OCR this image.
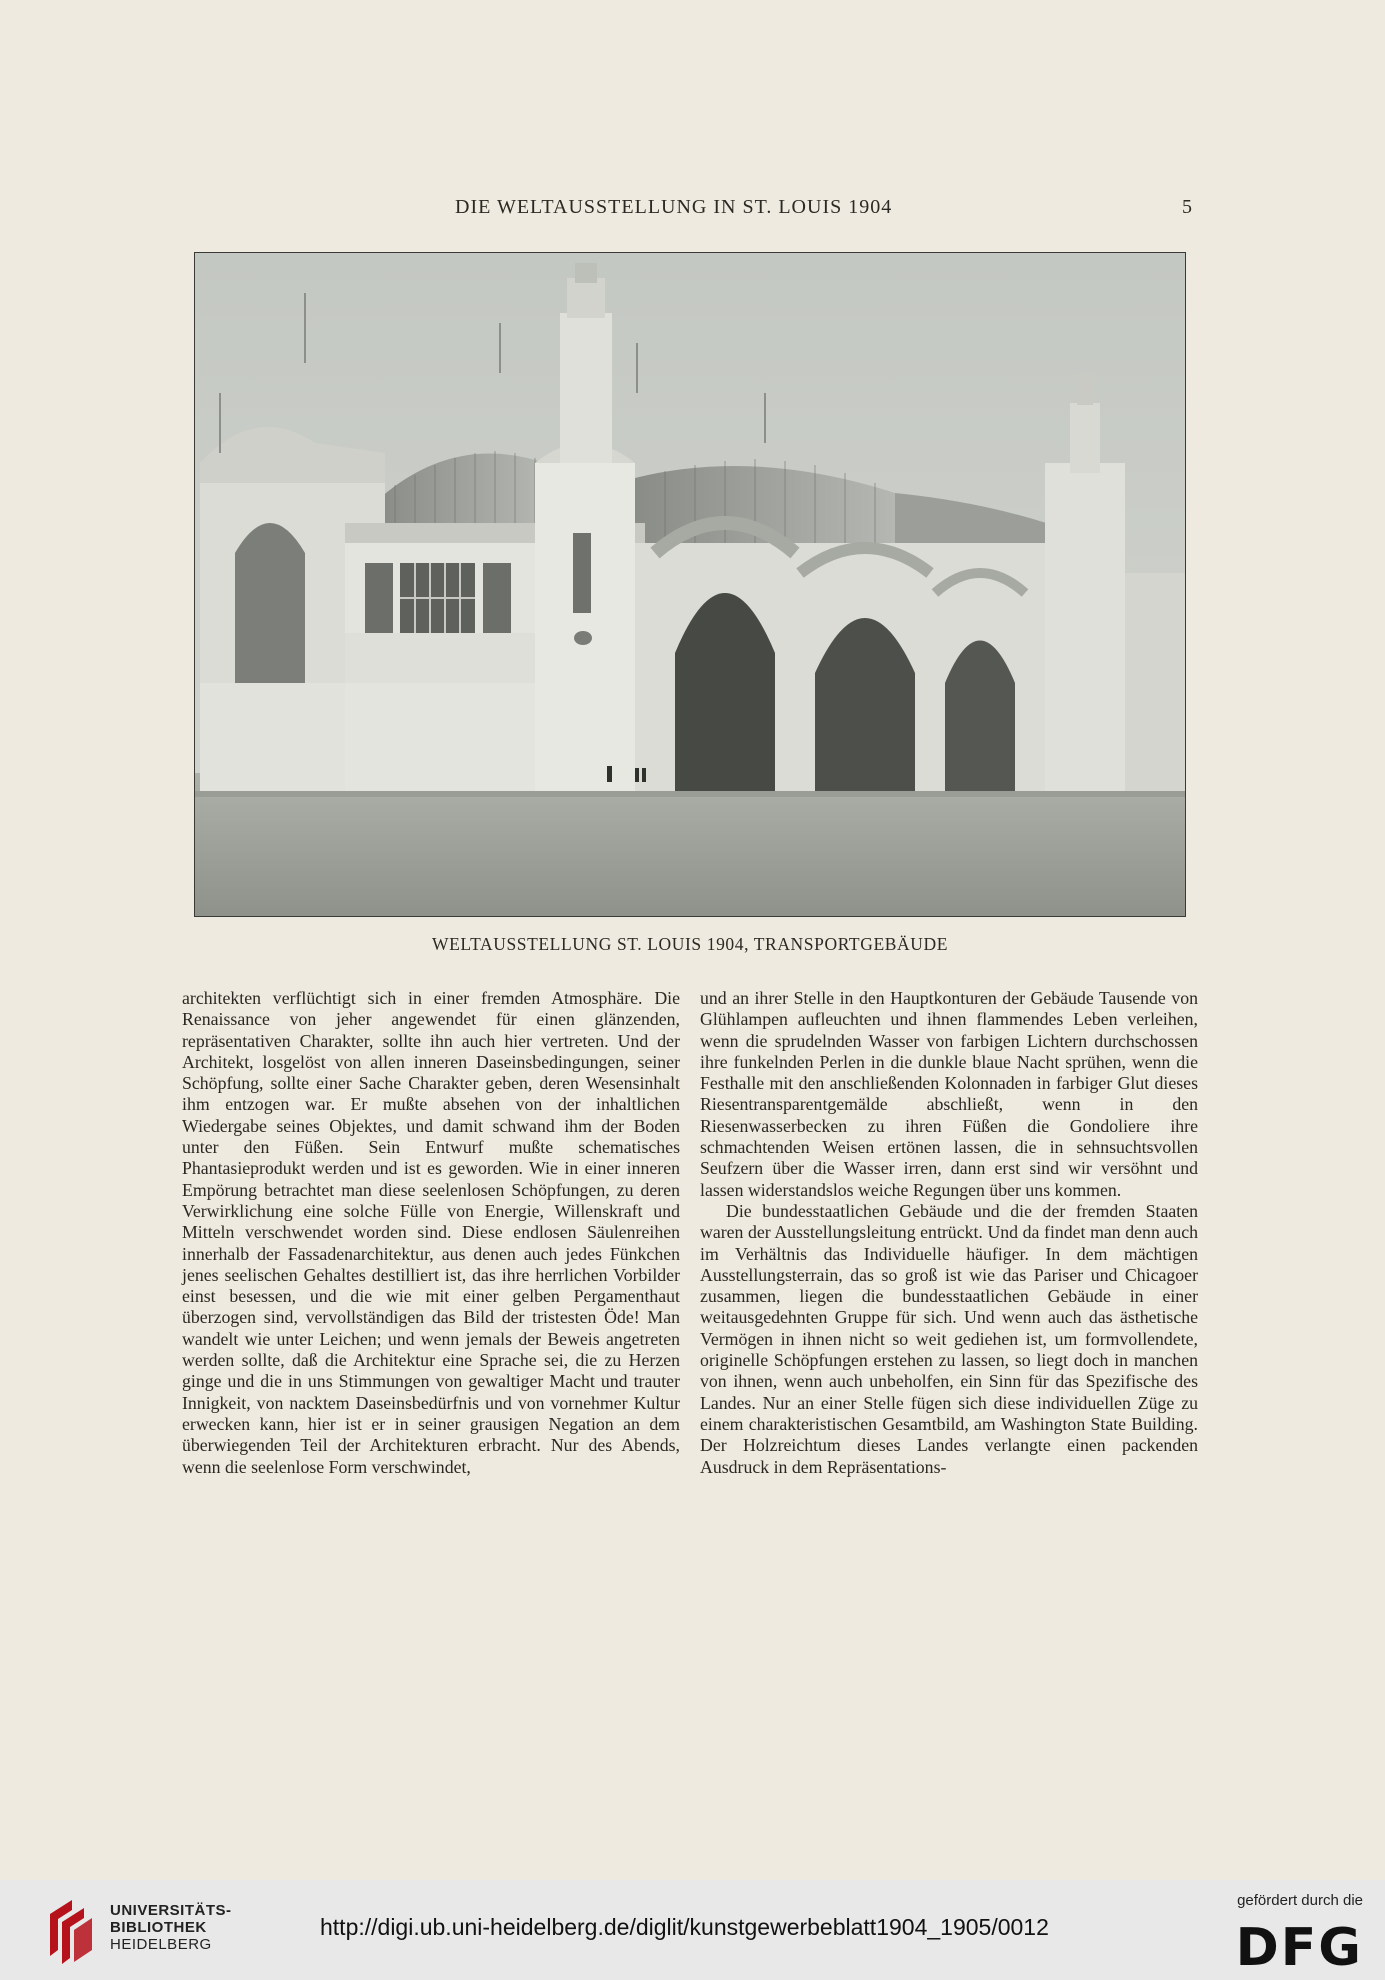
DIE WELTAUSSTELLUNG IN ST. LOUIS 1904	5
WELTAUSSTELLUNG ST. LOUIS 1904, TRANSPORTGEBÄUDE

architekten verflüchtigt sich in einer fremden Atmosphäre. Die Renaissance von jeher angewendet für einen glänzenden, repräsentativen Charakter, sollte ihn auch hier vertreten. Und der Architekt, losgelöst von allen inneren Daseinsbedingungen, seiner Schöpfung, sollte einer Sache Charakter geben, deren Wesensinhalt ihm entzogen war. Er mußte absehen von der inhaltlichen Wiedergabe seines Objektes, und damit schwand ihm der Boden unter den Füßen. Sein Entwurf mußte schematisches Phantasieprodukt werden und ist es geworden. Wie in einer inneren Empörung betrachtet man diese seelenlosen Schöpfungen, zu deren Verwirklichung eine solche Fülle von Energie, Willenskraft und Mitteln verschwendet worden sind. Diese endlosen Säulenreihen innerhalb der Fassadenarchitektur, aus denen auch jedes Fünkchen jenes seelischen Gehaltes destilliert ist, das ihre herrlichen Vorbilder einst besessen, und die wie mit einer gelben Pergamenthaut überzogen sind, vervollständigen das Bild der tristesten Öde! Man wandelt wie unter Leichen; und wenn jemals der Beweis angetreten werden sollte, daß die Architektur eine Sprache sei, die zu Herzen ginge und die in uns Stimmungen von gewaltiger Macht und trauter Innigkeit, von nacktem Daseinsbedürfnis und von vornehmer Kultur erwecken kann, hier ist er in seiner grausigen Negation an dem überwiegenden Teil der Architekturen erbracht. Nur des Abends, wenn die seelenlose Form verschwindet,

und an ihrer Stelle in den Hauptkonturen der Gebäude Tausende von Glühlampen aufleuchten und ihnen flammendes Leben verleihen, wenn die sprudelnden Wasser von farbigen Lichtern durchschossen ihre funkelnden Perlen in die dunkle blaue Nacht sprühen, wenn die Festhalle mit den anschließenden Kolonnaden in farbiger Glut dieses Riesentransparentgemälde abschließt, wenn in den Riesenwasserbecken zu ihren Füßen die Gondoliere ihre schmachtenden Weisen ertönen lassen, die in sehnsuchtsvollen Seufzern über die Wasser irren, dann erst sind wir versöhnt und lassen widerstandslos weiche Regungen über uns kommen.

Die bundesstaatlichen Gebäude und die der fremden Staaten waren der Ausstellungsleitung entrückt. Und da findet man denn auch im Verhältnis das Individuelle häufiger. In dem mächtigen Ausstellungsterrain, das so groß ist wie das Pariser und Chicagoer zusammen, liegen die bundesstaatlichen Gebäude in einer weitausgedehnten Gruppe für sich. Und wenn auch das ästhetische Vermögen in ihnen nicht so weit gediehen ist, um formvollendete, originelle Schöpfungen erstehen zu lassen, so liegt doch in manchen von ihnen, wenn auch unbeholfen, ein Sinn für das Spezifische des Landes. Nur an einer Stelle fügen sich diese individuellen Züge zu einem charakteristischen Gesamtbild, am Washington State Building. Der Holzreichtum dieses Landes verlangte einen packenden Ausdruck in dem Repräsentations-

UNIVERSITÄTS-
BIBLIOTHEK
HEIDELBERG
http://digi.ub.uni-heidelberg.de/diglit/kunstgewerbeblatt1904_1905/0012
gefördert durch die
DFG
